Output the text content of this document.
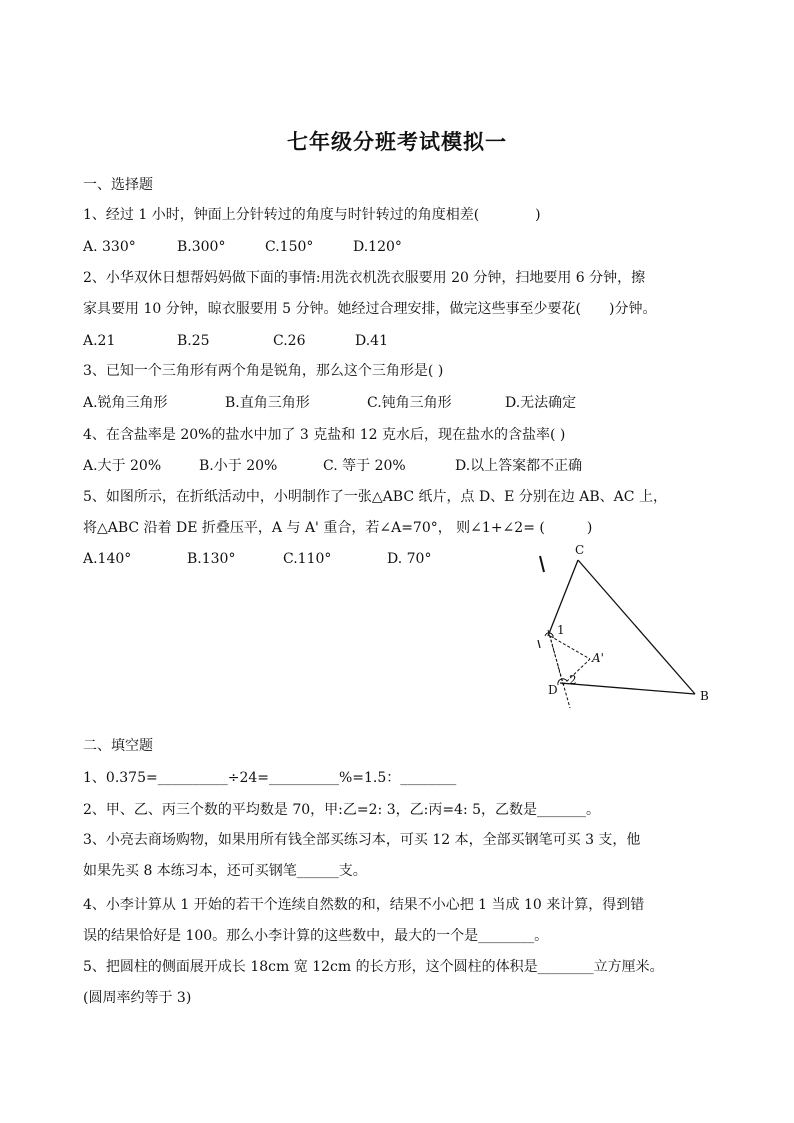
七年级分班考试模拟一
一、选择题
1、经过 1 小时，钟面上分针转过的角度与时针转过的角度相差(　　　　)
A. 330°	B.300°	C.150°	D.120°
2、小华双休日想帮妈妈做下面的事情:用洗衣机洗衣服要用 20 分钟，扫地要用 6 分钟，擦
家具要用 10 分钟，晾衣服要用 5 分钟。她经过合理安排，做完这些事至少要花(　　)分钟。
A.21	B.25	C.26	D.41
3、已知一个三角形有两个角是锐角，那么这个三角形是( )
A.锐角三角形	B.直角三角形	C.钝角三角形	D.无法确定
4、在含盐率是 20%的盐水中加了 3 克盐和 12 克水后，现在盐水的含盐率( )
A.大于 20%	B.小于 20%	C. 等于 20%	D.以上答案都不正确
5、如图所示，在折纸活动中，小明制作了一张△ABC 纸片，点 D、E 分别在边 AB、AC 上，
将△ABC 沿着 DE 折叠压平，A 与 A' 重合，若∠A=70°， 则∠1+∠2= (　　　)
A.140°	B.130°	C.110°	D. 70°
C
B
D
A'
1
2
二、填空题
1、0.375=__________÷24=__________%=1.5：________
2、甲、乙、丙三个数的平均数是 70，甲:乙=2: 3，乙:丙=4: 5，乙数是_______。
3、小亮去商场购物，如果用所有钱全部买练习本，可买 12 本，全部买钢笔可买 3 支，他
如果先买 8 本练习本，还可买钢笔______支。
4、小李计算从 1 开始的若干个连续自然数的和，结果不小心把 1 当成 10 来计算，得到错
误的结果恰好是 100。那么小李计算的这些数中，最大的一个是________。
5、把圆柱的侧面展开成长 18cm 宽 12cm 的长方形，这个圆柱的体积是________立方厘米。
(圆周率约等于 3)
